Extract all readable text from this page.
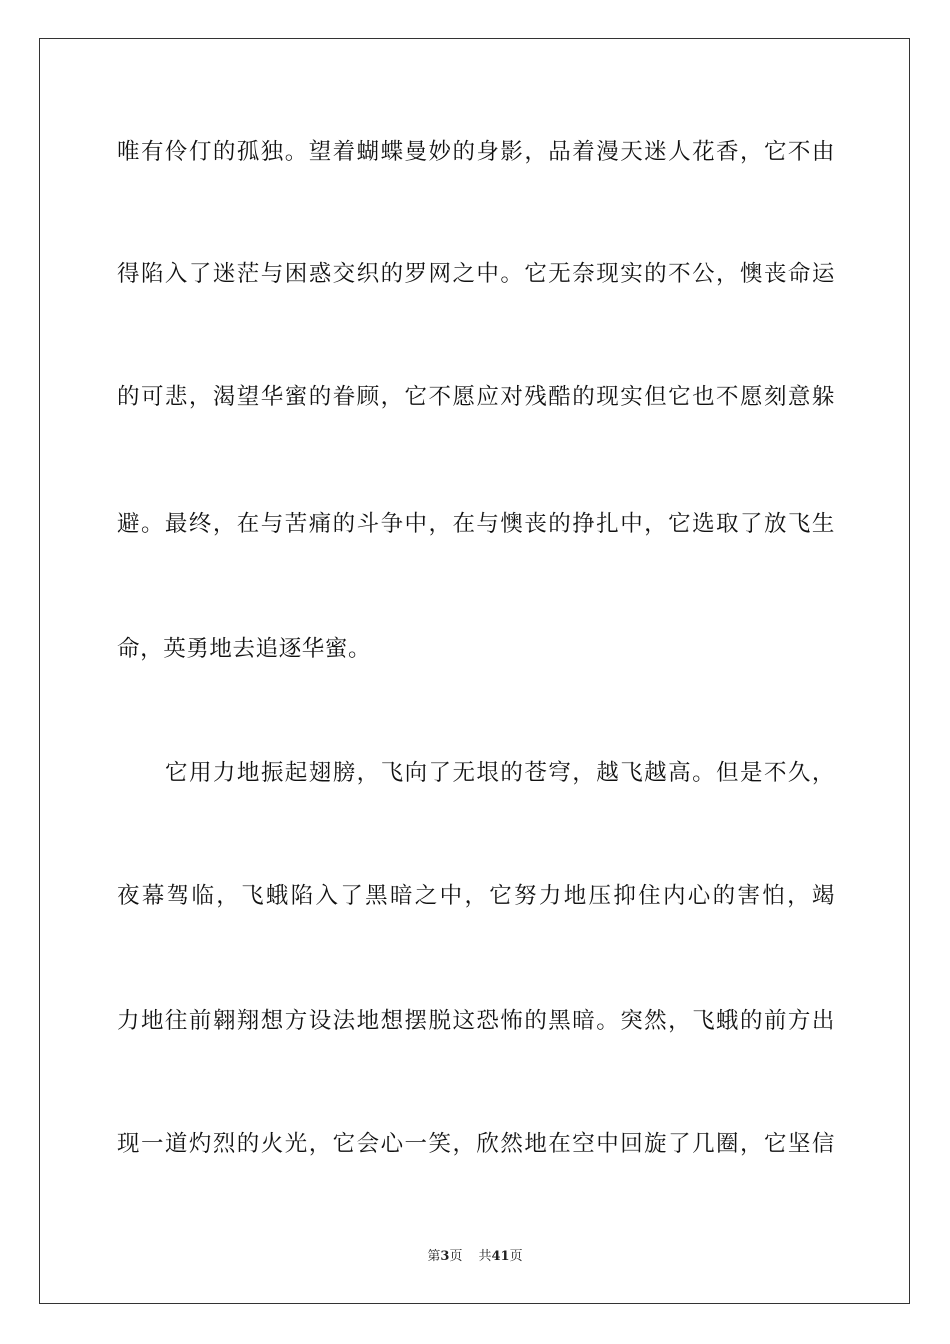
唯有伶仃的孤独。望着蝴蝶曼妙的身影，品着漫天迷人花香，它不由
得陷入了迷茫与困惑交织的罗网之中。它无奈现实的不公，懊丧命运
的可悲，渴望华蜜的眷顾，它不愿应对残酷的现实但它也不愿刻意躲
避。最终，在与苦痛的斗争中，在与懊丧的挣扎中，它选取了放飞生
命，英勇地去追逐华蜜。
它用力地振起翅膀，飞向了无垠的苍穹，越飞越高。但是不久，
夜幕驾临，飞蛾陷入了黑暗之中，它努力地压抑住内心的害怕，竭
力地往前翱翔想方设法地想摆脱这恐怖的黑暗。突然，飞蛾的前方出
现一道灼烈的火光，它会心一笑，欣然地在空中回旋了几圈，它坚信
第3页 共41页
